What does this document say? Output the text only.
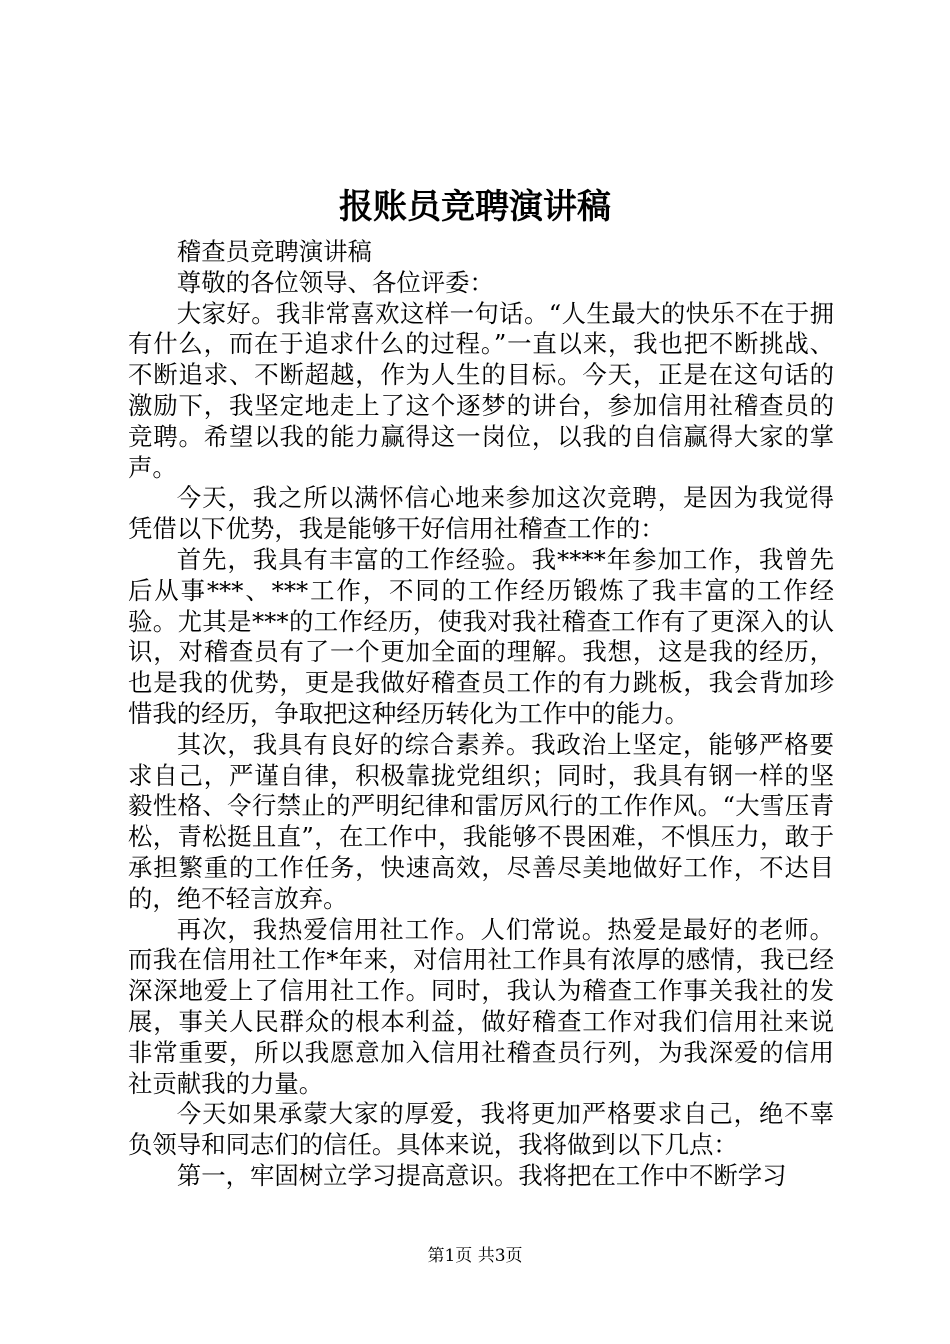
报账员竞聘演讲稿

稽查员竞聘演讲稿

尊敬的各位领导、各位评委：

大家好。我非常喜欢这样一句话。“人生最大的快乐不在于拥有什么，而在于追求什么的过程。”一直以来，我也把不断挑战、不断追求、不断超越，作为人生的目标。今天，正是在这句话的激励下，我坚定地走上了这个逐梦的讲台，参加信用社稽查员的竞聘。希望以我的能力赢得这一岗位，以我的自信赢得大家的掌声。

今天，我之所以满怀信心地来参加这次竞聘，是因为我觉得凭借以下优势，我是能够干好信用社稽查工作的：

首先，我具有丰富的工作经验。我****年参加工作，我曾先后从事***、***工作，不同的工作经历锻炼了我丰富的工作经验。尤其是***的工作经历，使我对我社稽查工作有了更深入的认识，对稽查员有了一个更加全面的理解。我想，这是我的经历，也是我的优势，更是我做好稽查员工作的有力跳板，我会背加珍惜我的经历，争取把这种经历转化为工作中的能力。

其次，我具有良好的综合素养。我政治上坚定，能够严格要求自己，严谨自律，积极靠拢党组织；同时，我具有钢一样的坚毅性格、令行禁止的严明纪律和雷厉风行的工作作风。“大雪压青松，青松挺且直”，在工作中，我能够不畏困难，不惧压力，敢于承担繁重的工作任务，快速高效，尽善尽美地做好工作，不达目的，绝不轻言放弃。

再次，我热爱信用社工作。人们常说。热爱是最好的老师。而我在信用社工作*年来，对信用社工作具有浓厚的感情，我已经深深地爱上了信用社工作。同时，我认为稽查工作事关我社的发展，事关人民群众的根本利益，做好稽查工作对我们信用社来说非常重要，所以我愿意加入信用社稽查员行列，为我深爱的信用社贡献我的力量。

今天如果承蒙大家的厚爱，我将更加严格要求自己，绝不辜负领导和同志们的信任。具体来说，我将做到以下几点：

第一，牢固树立学习提高意识。我将把在工作中不断学习

第1页 共3页
